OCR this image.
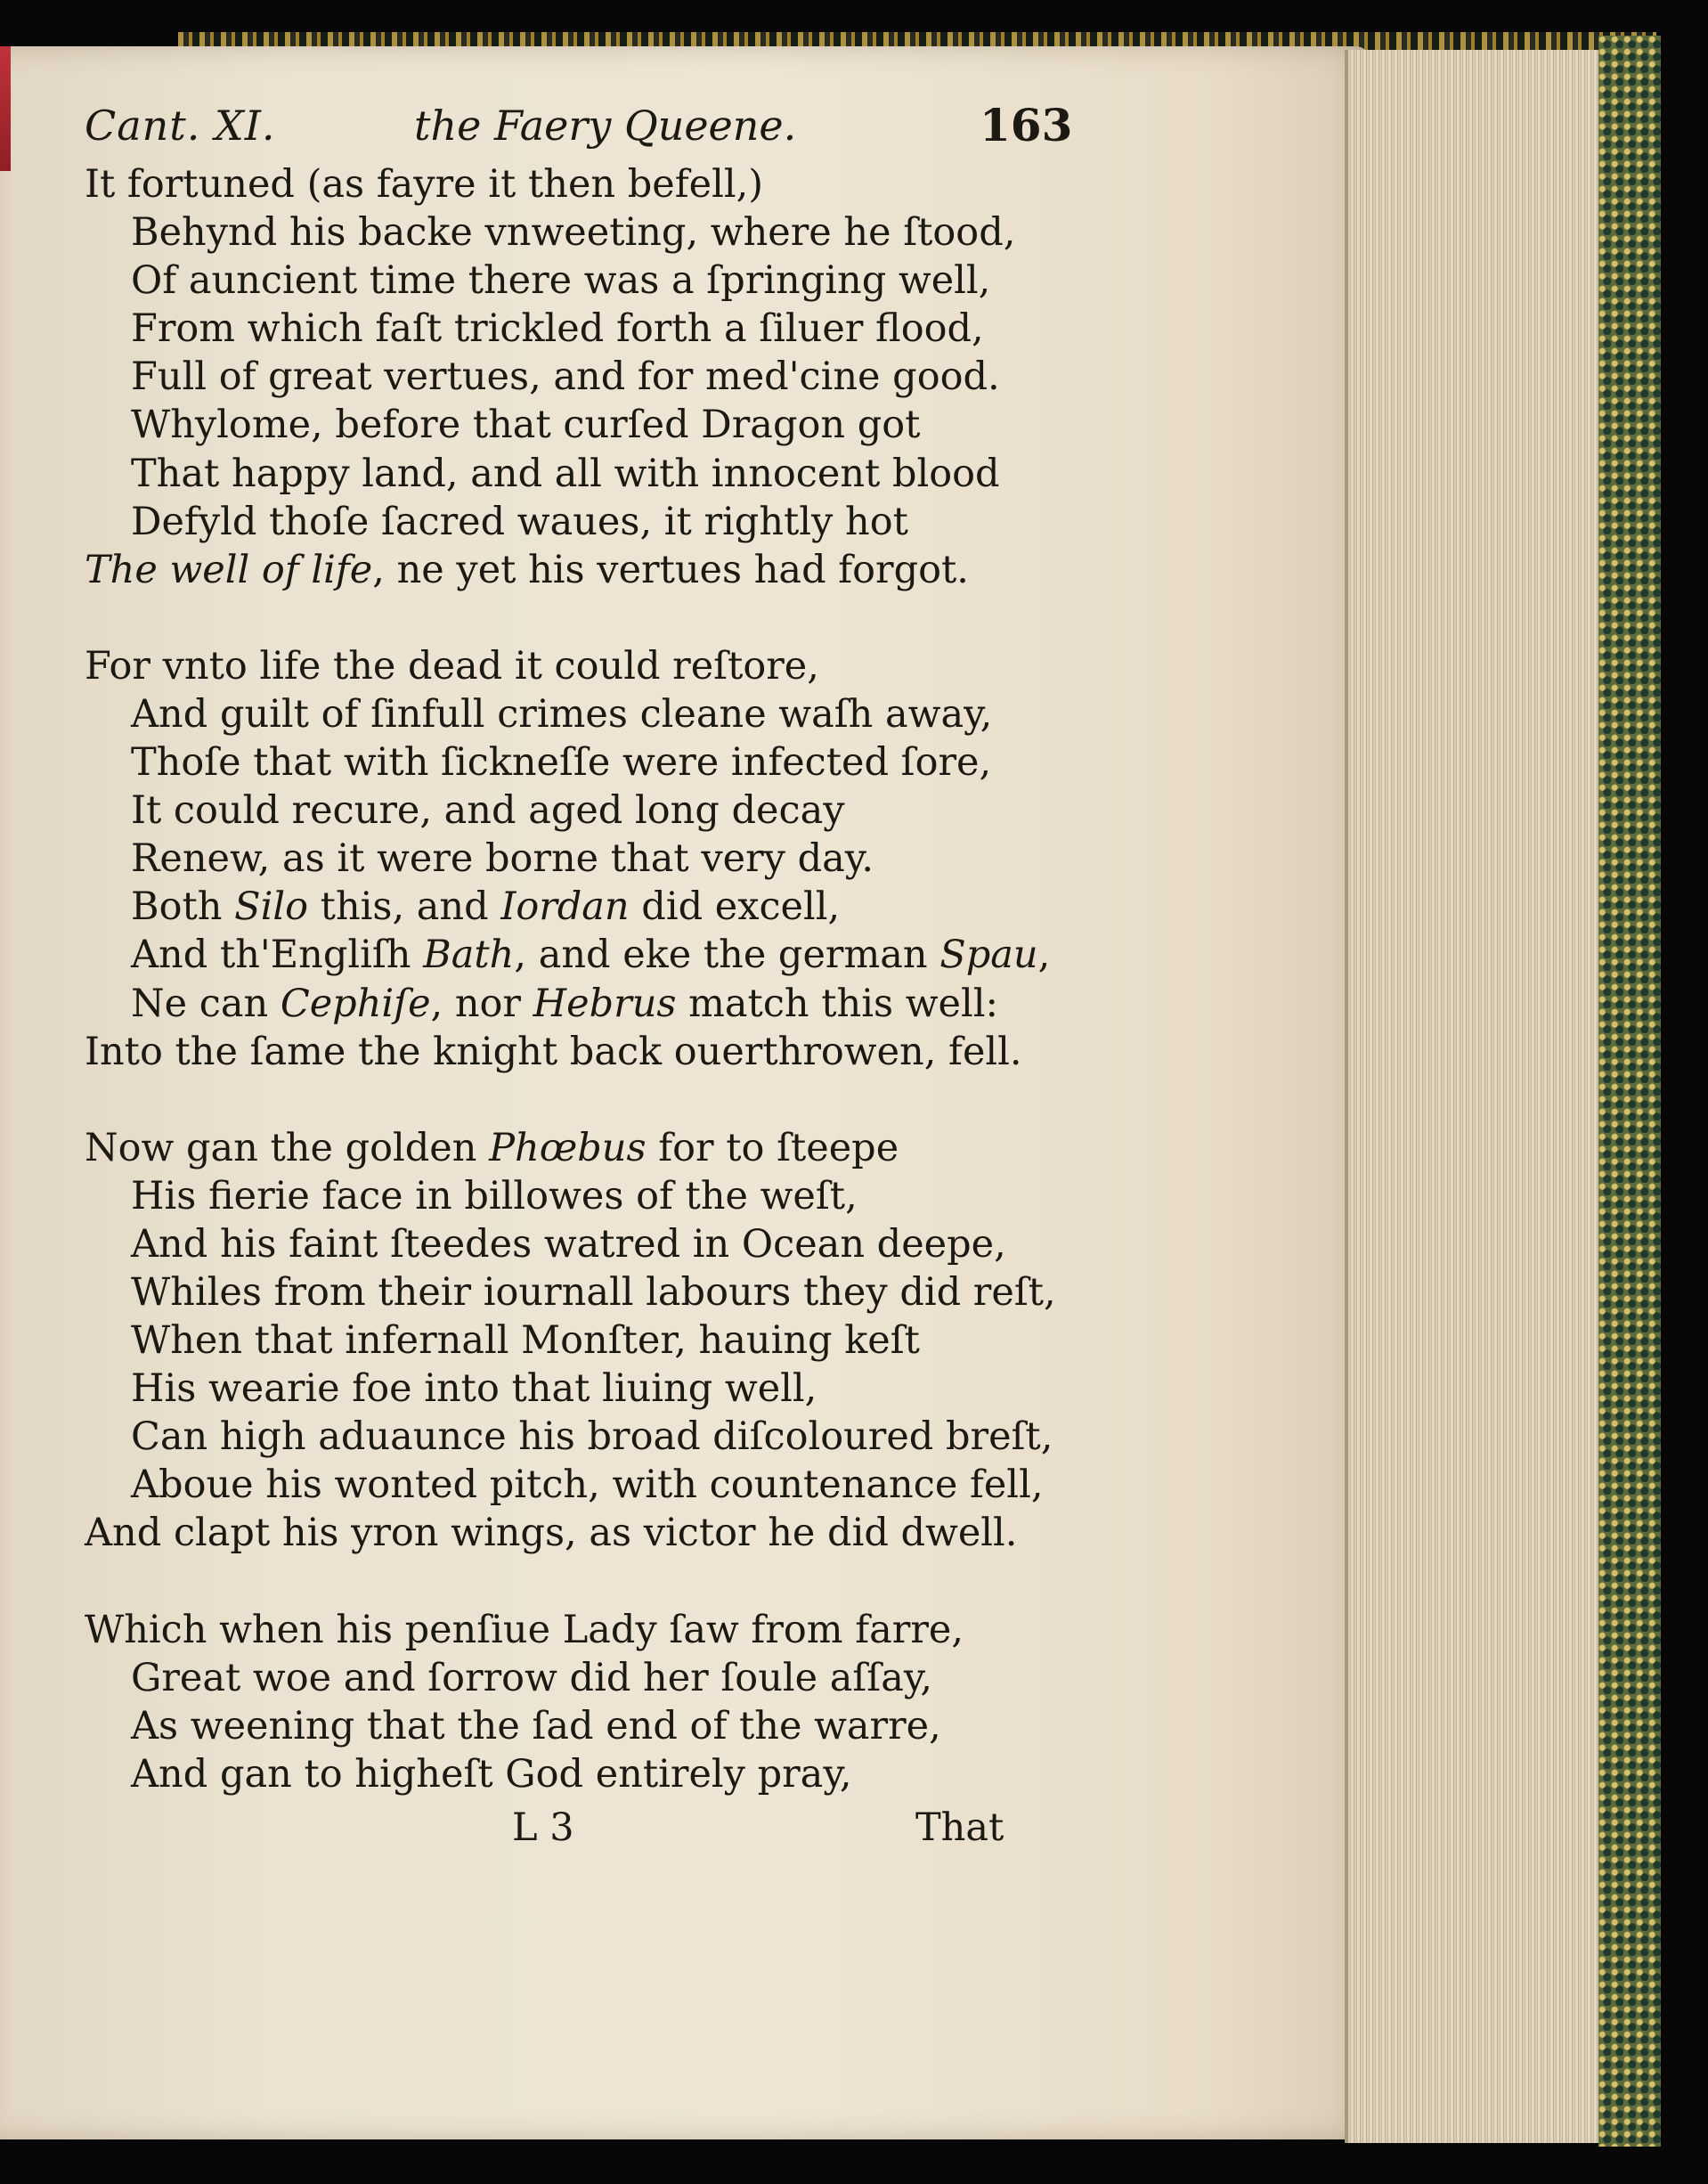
Cant. XI.	the Faery Queene.	163
It fortuned (as fayre it then befell,)
Behynd his backe vnweeting, where he ſtood,
Of auncient time there was a ſpringing well,
From which faſt trickled forth a ſiluer flood,
Full of great vertues, and for med'cine good.
Whylome, before that curſed Dragon got
That happy land, and all with innocent blood
Defyld thoſe ſacred waues, it rightly hot
The well of life, ne yet his vertues had forgot.
For vnto life the dead it could reſtore,
And guilt of ſinfull crimes cleane waſh away,
Thoſe that with ſickneſſe were infected ſore,
It could recure, and aged long decay
Renew, as it were borne that very day.
Both Silo this, and Iordan did excell,
And th'Engliſh Bath, and eke the german Spau,
Ne can Cephiſe, nor Hebrus match this well:
Into the ſame the knight back ouerthrowen, fell.
Now gan the golden Phœbus for to ſteepe
His fierie face in billowes of the weſt,
And his faint ſteedes watred in Ocean deepe,
Whiles from their iournall labours they did reſt,
When that infernall Monſter, hauing keſt
His wearie foe into that liuing well,
Can high aduaunce his broad diſcoloured breſt,
Aboue his wonted pitch, with countenance fell,
And clapt his yron wings, as victor he did dwell.
Which when his penſiue Lady ſaw from farre,
Great woe and ſorrow did her ſoule aſſay,
As weening that the ſad end of the warre,
And gan to higheſt God entirely pray,
L 3	That
